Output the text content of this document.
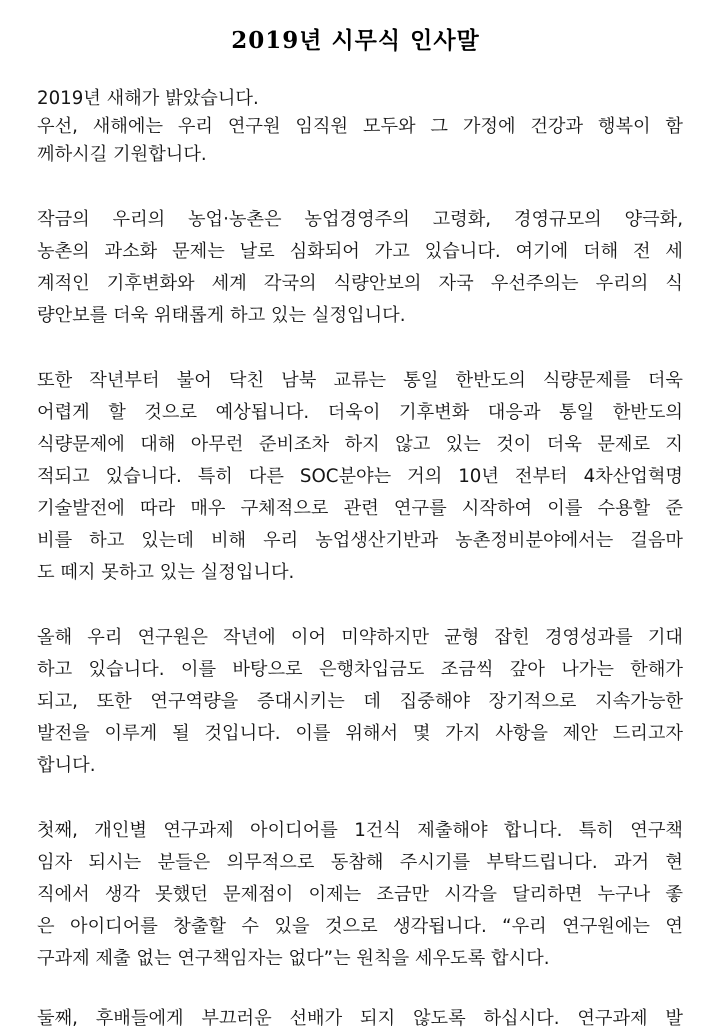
2019년 시무식 인사말
2019년 새해가 밝았습니다.
우선, 새해에는 우리 연구원 임직원 모두와 그 가정에 건강과 행복이 함
께하시길 기원합니다.
작금의 우리의 농업·농촌은 농업경영주의 고령화, 경영규모의 양극화,
농촌의 과소화 문제는 날로 심화되어 가고 있습니다. 여기에 더해 전 세
계적인 기후변화와 세계 각국의 식량안보의 자국 우선주의는 우리의 식
량안보를 더욱 위태롭게 하고 있는 실정입니다.
또한 작년부터 불어 닥친 남북 교류는 통일 한반도의 식량문제를 더욱
어렵게 할 것으로 예상됩니다. 더욱이 기후변화 대응과 통일 한반도의
식량문제에 대해 아무런 준비조차 하지 않고 있는 것이 더욱 문제로 지
적되고 있습니다. 특히 다른 SOC분야는 거의 10년 전부터 4차산업혁명
기술발전에 따라 매우 구체적으로 관련 연구를 시작하여 이를 수용할 준
비를 하고 있는데 비해 우리 농업생산기반과 농촌정비분야에서는 걸음마
도 떼지 못하고 있는 실정입니다.
올해 우리 연구원은 작년에 이어 미약하지만 균형 잡힌 경영성과를 기대
하고 있습니다. 이를 바탕으로 은행차입금도 조금씩 갚아 나가는 한해가
되고, 또한 연구역량을 증대시키는 데 집중해야 장기적으로 지속가능한
발전을 이루게 될 것입니다. 이를 위해서 몇 가지 사항을 제안 드리고자
합니다.
첫째, 개인별 연구과제 아이디어를 1건식 제출해야 합니다. 특히 연구책
임자 되시는 분들은 의무적으로 동참해 주시기를 부탁드립니다. 과거 현
직에서 생각 못했던 문제점이 이제는 조금만 시각을 달리하면 누구나 좋
은 아이디어를 창출할 수 있을 것으로 생각됩니다. “우리 연구원에는 연
구과제 제출 없는 연구책임자는 없다”는 원칙을 세우도록 합시다.
둘째, 후배들에게 부끄러운 선배가 되지 않도록 하십시다. 연구과제 발
